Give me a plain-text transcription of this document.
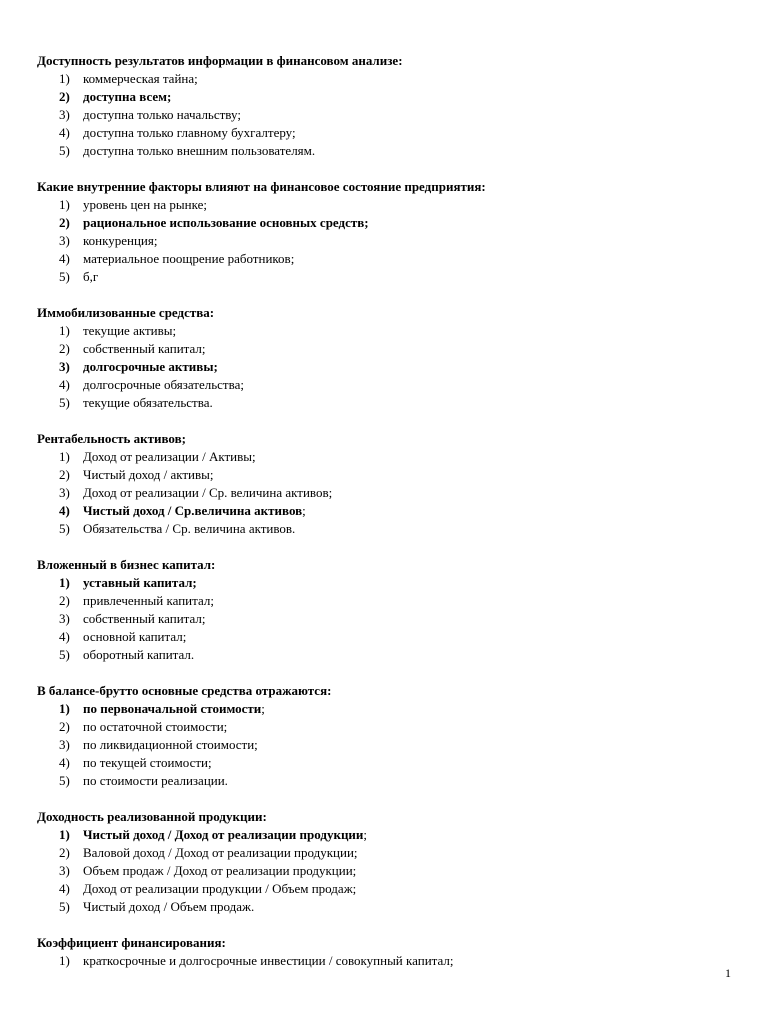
Доступность результатов информации в финансовом анализе:
1)	коммерческая тайна;
2)	доступна всем;
3)	доступна только начальству;
4)	доступна только главному бухгалтеру;
5)	доступна только внешним пользователям.
Какие внутренние факторы влияют на финансовое состояние предприятия:
1)	уровень цен на рынке;
2)	рациональное использование основных средств;
3)	конкуренция;
4)	материальное поощрение работников;
5)	б,г
Иммобилизованные средства:
1)	текущие активы;
2)	собственный капитал;
3)	долгосрочные активы;
4)	долгосрочные обязательства;
5)	текущие обязательства.
Рентабельность активов;
1)	Доход от реализации / Активы;
2)	Чистый доход / активы;
3)	Доход от реализации / Ср. величина активов;
4)	Чистый доход / Ср.величина активов ;
5)	Обязательства / Ср. величина активов.
Вложенный в бизнес капитал:
1)	уставный капитал;
2)	привлеченный капитал;
3)	собственный капитал;
4)	основной капитал;
5)	оборотный капитал.
В балансе-брутто основные средства отражаются:
1)	по первоначальной стоимости ;
2)	по остаточной стоимости;
3)	по ликвидационной стоимости;
4)	по текущей стоимости;
5)	по стоимости реализации.
Доходность реализованной продукции:
1)	Чистый доход / Доход от реализации продукции ;
2)	Валовой доход / Доход от реализации продукции;
3)	Объем продаж / Доход от реализации продукции;
4)	Доход от реализации продукции / Объем продаж;
5)	Чистый доход / Объем продаж.
Коэффициент финансирования:
1)	краткосрочные и долгосрочные инвестиции / совокупный капитал;
1
